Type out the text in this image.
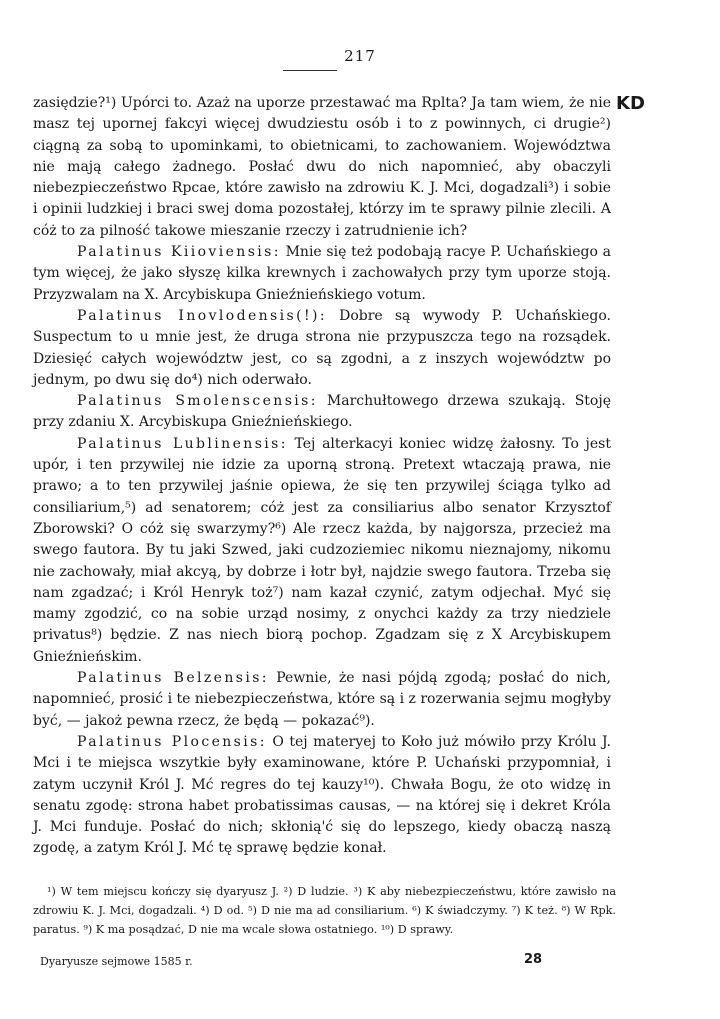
217
KD

zasiędzie?¹) Upórci to. Azaż na uporze przestawać ma Rplta? Ja tam wiem, że nie masz tej upornej fakcyi więcej dwudziestu osób i to z powinnych, ci drugie²) ciągną za sobą to upominkami, to obietnicami, to zachowaniem. Województwa nie mają całego żadnego. Posłać dwu do nich napomnieć, aby obaczyli niebezpieczeństwo Rpcae, które zawisło na zdrowiu K. J. Mci, dogadzali³) i sobie i opinii ludzkiej i braci swej doma pozostałej, którzy im te sprawy pilnie zlecili. A cóż to za pilność takowe mieszanie rzeczy i zatrudnienie ich?

Palatinus Kiioviensis: Mnie się też podobają racye P. Uchańskiego a tym więcej, że jako słyszę kilka krewnych i zachowałych przy tym uporze stoją. Przyzwalam na X. Arcybiskupa Gnieźnieńskiego votum.

Palatinus Inovlodensis(!): Dobre są wywody P. Uchańskiego. Suspectum to u mnie jest, że druga strona nie przypuszcza tego na rozsądek. Dziesięć całych województw jest, co są zgodni, a z inszych województw po jednym, po dwu się do⁴) nich oderwało.

Palatinus Smolenscensis: Marchułtowego drzewa szukają. Stoję przy zdaniu X. Arcybiskupa Gnieźnieńskiego.

Palatinus Lublinensis: Tej alterkacyi koniec widzę żałosny. To jest upór, i ten przywilej nie idzie za uporną stroną. Pretext wtaczają prawa, nie prawo; a to ten przywilej jaśnie opiewa, że się ten przywilej ściąga tylko ad consiliarium,⁵) ad senatorem; cóż jest za consiliarius albo senator Krzysztof Zborowski? O cóż się swarzymy?⁶) Ale rzecz każda, by najgorsza, przecież ma swego fautora. By tu jaki Szwed, jaki cudzoziemiec nikomu nieznajomy, nikomu nie zachowały, miał akcyą, by dobrze i łotr był, najdzie swego fautora. Trzeba się nam zgadzać; i Król Henryk toż⁷) nam kazał czynić, zatym odjechał. Myć się mamy zgodzić, co na sobie urząd nosimy, z onychci każdy za trzy niedziele privatus⁸) będzie. Z nas niech biorą pochop. Zgadzam się z X Arcybiskupem Gnieźnieńskim.

Palatinus Belzensis: Pewnie, że nasi pójdą zgodą; posłać do nich, napomnieć, prosić i te niebezpieczeństwa, które są i z rozerwania sejmu mogłyby być, — jakoż pewna rzecz, że będą — pokazać⁹).

Palatinus Plocensis: O tej materyej to Koło już mówiło przy Królu J. Mci i te miejsca wszytkie były examinowane, które P. Uchański przypomniał, i zatym uczynił Król J. Mć regres do tej kauzy¹⁰). Chwała Bogu, że oto widzę in senatu zgodę: strona habet probatissimas causas, — na której się i dekret Króla J. Mci funduje. Posłać do nich; skłonią'ć się do lepszego, kiedy obaczą naszą zgodę, a zatym Król J. Mć tę sprawę będzie konał.

¹) W tem miejscu kończy się dyaryusz J. ²) D ludzie. ³) K aby niebezpieczeństwu, które zawisło na zdrowiu K. J. Mci, dogadzali. ⁴) D od. ⁵) D nie ma ad consiliarium. ⁶) K świadczymy. ⁷) K też. ⁸) W Rpk. paratus. ⁹) K ma posądzać, D nie ma wcale słowa ostatniego. ¹⁰) D sprawy.

Dyaryusze sejmowe 1585 r.	28
